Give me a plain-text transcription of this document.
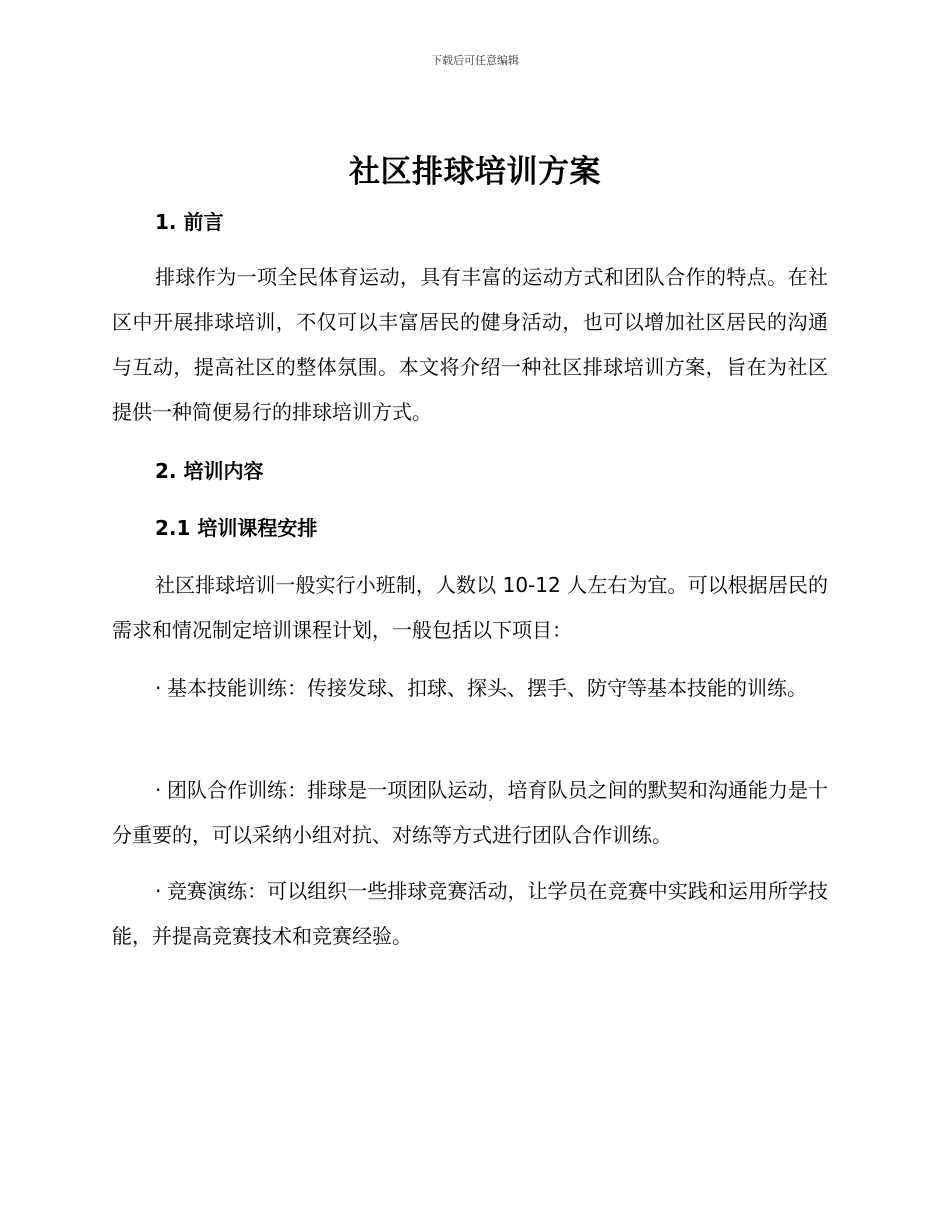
下载后可任意编辑
社区排球培训方案
1. 前言

排球作为一项全民体育运动，具有丰富的运动方式和团队合作的特点。在社区中开展排球培训，不仅可以丰富居民的健身活动，也可以增加社区居民的沟通与互动，提高社区的整体氛围。本文将介绍一种社区排球培训方案，旨在为社区提供一种简便易行的排球培训方式。

2. 培训内容
2.1 培训课程安排

社区排球培训一般实行小班制，人数以 10-12 人左右为宜。可以根据居民的需求和情况制定培训课程计划，一般包括以下项目：

· 基本技能训练：传接发球、扣球、探头、摆手、防守等基本技能的训练。

· 团队合作训练：排球是一项团队运动，培育队员之间的默契和沟通能力是十分重要的，可以采纳小组对抗、对练等方式进行团队合作训练。

· 竞赛演练：可以组织一些排球竞赛活动，让学员在竞赛中实践和运用所学技能，并提高竞赛技术和竞赛经验。
